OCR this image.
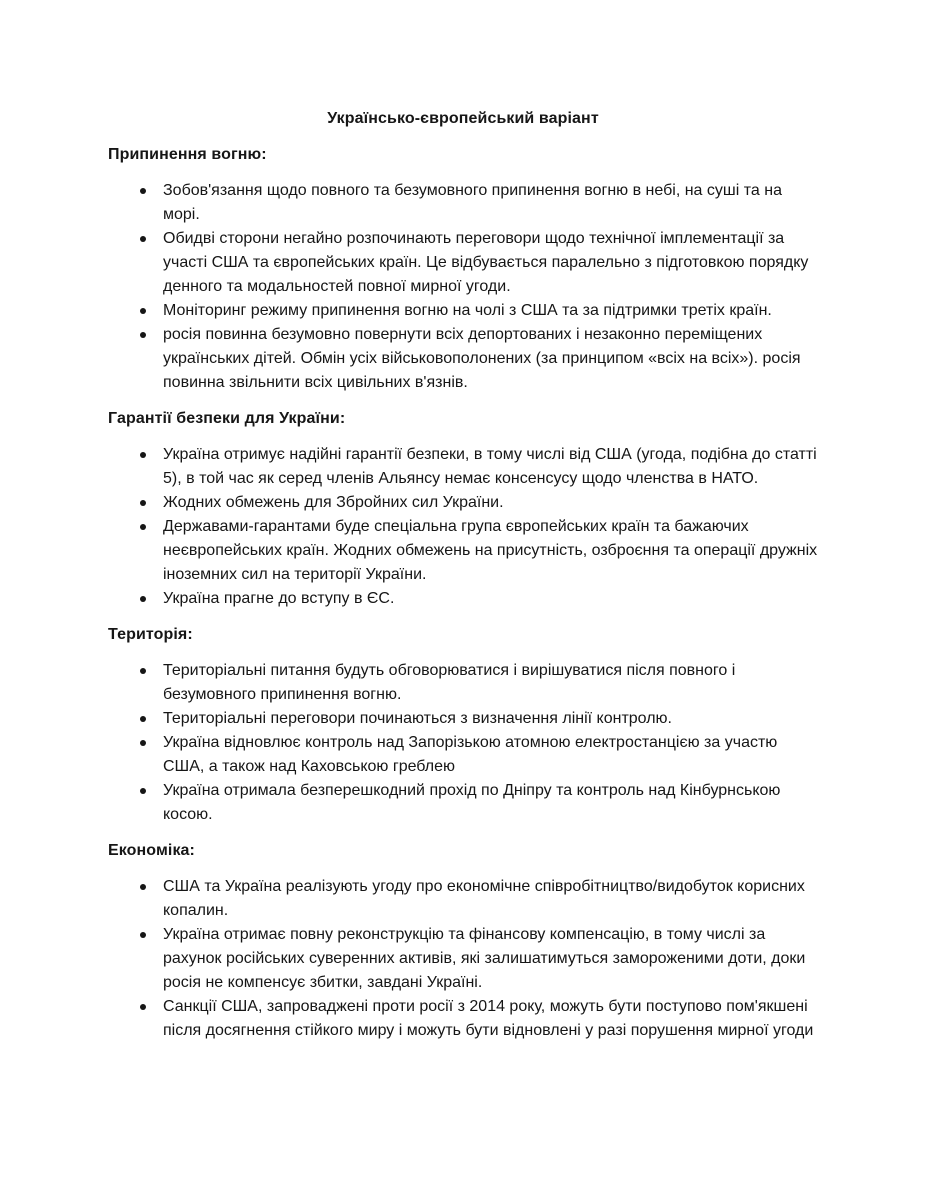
Українсько-європейський варіант
Припинення вогню:
Зобов'язання щодо повного та безумовного припинення вогню в небі, на суші та на морі.
Обидві сторони негайно розпочинають переговори щодо технічної імплементації за участі США та європейських країн. Це відбувається паралельно з підготовкою порядку денного та модальностей повної мирної угоди.
Моніторинг режиму припинення вогню на чолі з США та за підтримки третіх країн.
росія повинна безумовно повернути всіх депортованих і незаконно переміщених українських дітей. Обмін усіх військовополонених (за принципом «всіх на всіх»). росія повинна звільнити всіх цивільних в'язнів.
Гарантії безпеки для України:
Україна отримує надійні гарантії безпеки, в тому числі від США (угода, подібна до статті 5), в той час як серед членів Альянсу немає консенсусу щодо членства в НАТО.
Жодних обмежень для Збройних сил України.
Державами-гарантами буде спеціальна група європейських країн та бажаючих неєвропейських країн. Жодних обмежень на присутність, озброєння та операції дружніх іноземних сил на території України.
Україна прагне до вступу в ЄС.
Територія:
Територіальні питання будуть обговорюватися і вирішуватися після повного і безумовного припинення вогню.
Територіальні переговори починаються з визначення лінії контролю.
Україна відновлює контроль над Запорізькою атомною електростанцією за участю США, а також над Каховською греблею
Україна отримала безперешкодний прохід по Дніпру та контроль над Кінбурнською косою.
Економіка:
США та Україна реалізують угоду про економічне співробітництво/видобуток корисних копалин.
Україна отримає повну реконструкцію та фінансову компенсацію, в тому числі за рахунок російських суверенних активів, які залишатимуться замороженими доти, доки росія не компенсує збитки, завдані Україні.
Санкції США, запроваджені проти росії з 2014 року, можуть бути поступово пом'якшені після досягнення стійкого миру і можуть бути відновлені у разі порушення мирної угоди
